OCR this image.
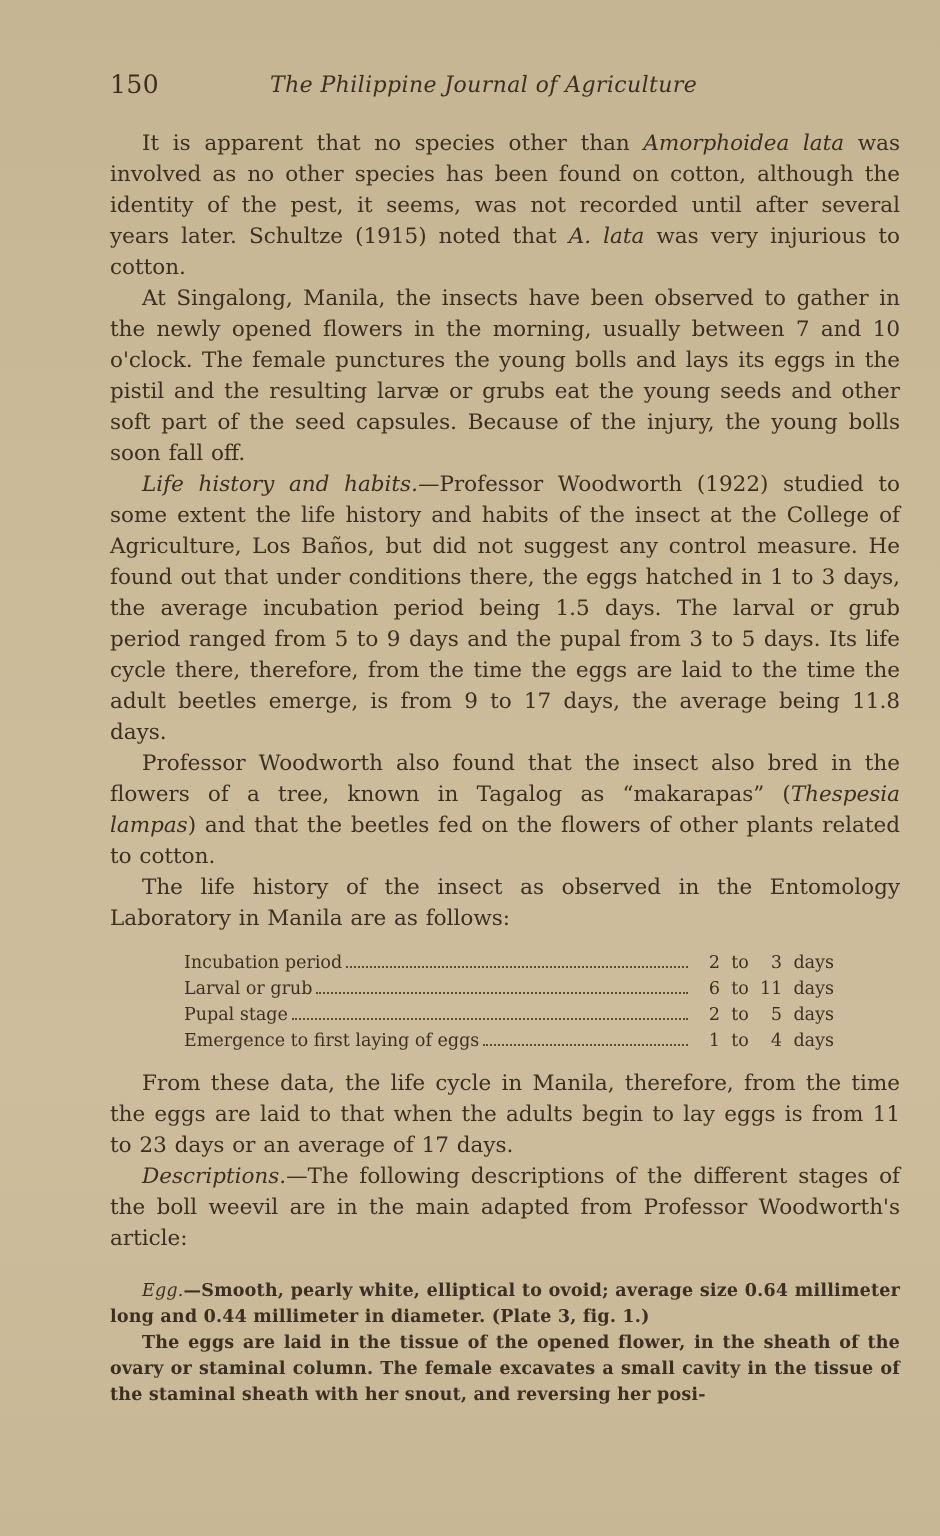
150	The Philippine Journal of Agriculture

It is apparent that no species other than Amorphoidea lata was involved as no other species has been found on cotton, although the identity of the pest, it seems, was not recorded until after several years later. Schultze (1915) noted that A. lata was very injurious to cotton.

At Singalong, Manila, the insects have been observed to gather in the newly opened flowers in the morning, usually between 7 and 10 o'clock. The female punctures the young bolls and lays its eggs in the pistil and the resulting larvæ or grubs eat the young seeds and other soft part of the seed capsules. Because of the injury, the young bolls soon fall off.

Life history and habits.—Professor Woodworth (1922) studied to some extent the life history and habits of the insect at the College of Agriculture, Los Baños, but did not suggest any control measure. He found out that under conditions there, the eggs hatched in 1 to 3 days, the average incubation period being 1.5 days. The larval or grub period ranged from 5 to 9 days and the pupal from 3 to 5 days. Its life cycle there, therefore, from the time the eggs are laid to the time the adult beetles emerge, is from 9 to 17 days, the average being 11.8 days.

Professor Woodworth also found that the insect also bred in the flowers of a tree, known in Tagalog as “makarapas” (Thespesia lampas) and that the beetles fed on the flowers of other plants related to cotton.

The life history of the insect as observed in the Entomology Laboratory in Manila are as follows:

Incubation period	2 to	3 days
Larval or grub	6 to 11 days
Pupal stage	2 to	5 days
Emergence to first laying of eggs	1 to	4 days

From these data, the life cycle in Manila, therefore, from the time the eggs are laid to that when the adults begin to lay eggs is from 11 to 23 days or an average of 17 days.

Descriptions.—The following descriptions of the different stages of the boll weevil are in the main adapted from Professor Woodworth's article:

Egg.—Smooth, pearly white, elliptical to ovoid; average size 0.64 millimeter long and 0.44 millimeter in diameter. (Plate 3, fig. 1.)

The eggs are laid in the tissue of the opened flower, in the sheath of the ovary or staminal column. The female excavates a small cavity in the tissue of the staminal sheath with her snout, and reversing her posi-
